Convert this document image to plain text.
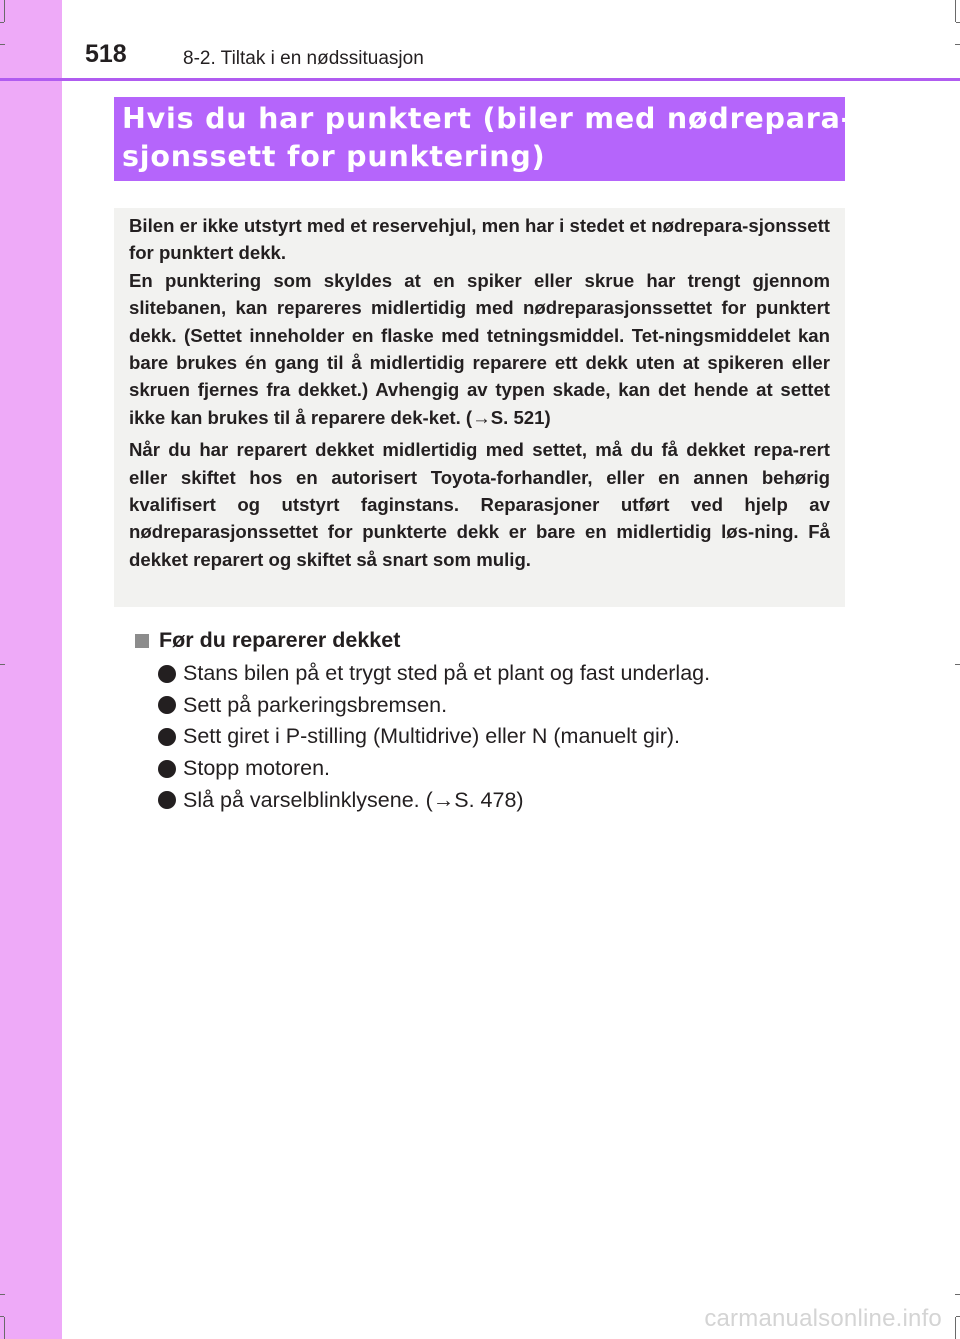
518	8-2. Tiltak i en nødssituasjon
Hvis du har punktert (biler med nødrepara-
sjonssett for punktering)

Bilen er ikke utstyrt med et reservehjul, men har i stedet et nødrepara-sjonssett for punktert dekk.

En punktering som skyldes at en spiker eller skrue har trengt gjennom slitebanen, kan repareres midlertidig med nødreparasjonssettet for punktert dekk. (Settet inneholder en flaske med tetningsmiddel. Tet-ningsmiddelet kan bare brukes én gang til å midlertidig reparere ett dekk uten at spikeren eller skruen fjernes fra dekket.) Avhengig av typen skade, kan det hende at settet ikke kan brukes til å reparere dek-ket. (→S. 521)

Når du har reparert dekket midlertidig med settet, må du få dekket repa-rert eller skiftet hos en autorisert Toyota-forhandler, eller en annen behørig kvalifisert og utstyrt faginstans. Reparasjoner utført ved hjelp av nødreparasjonssettet for punkterte dekk er bare en midlertidig løs-ning. Få dekket reparert og skiftet så snart som mulig.

Før du reparerer dekket
Stans bilen på et trygt sted på et plant og fast underlag.
Sett på parkeringsbremsen.
Sett giret i P-stilling (Multidrive) eller N (manuelt gir).
Stopp motoren.
Slå på varselblinklysene. (→S. 478)
carmanualsonline.info
